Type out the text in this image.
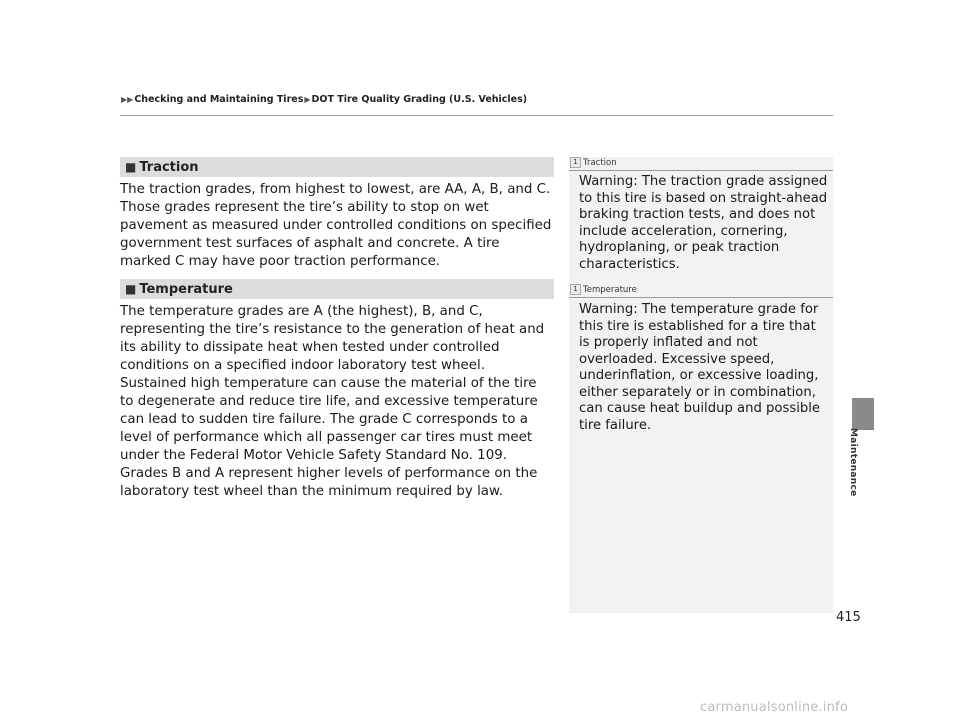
▶▶ Checking and Maintaining Tires ▶ DOT Tire Quality Grading (U.S. Vehicles)
■ Traction
The traction grades, from highest to lowest, are AA, A, B, and C. Those grades represent the tire’s ability to stop on wet pavement as measured under controlled conditions on specified government test surfaces of asphalt and concrete. A tire marked C may have poor traction performance.
■ Temperature
The temperature grades are A (the highest), B, and C, representing the tire’s resistance to the generation of heat and its ability to dissipate heat when tested under controlled conditions on a specified indoor laboratory test wheel. Sustained high temperature can cause the material of the tire to degenerate and reduce tire life, and excessive temperature can lead to sudden tire failure. The grade C corresponds to a level of performance which all passenger car tires must meet under the Federal Motor Vehicle Safety Standard No. 109. Grades B and A represent higher levels of performance on the laboratory test wheel than the minimum required by law.
1 Traction
Warning: The traction grade assigned to this tire is based on straight-ahead braking traction tests, and does not include acceleration, cornering, hydroplaning, or peak traction characteristics.
1 Temperature
Warning: The temperature grade for this tire is established for a tire that is properly inflated and not overloaded. Excessive speed, underinflation, or excessive loading, either separately or in combination, can cause heat buildup and possible tire failure.
Maintenance
415
carmanualsonline.info
